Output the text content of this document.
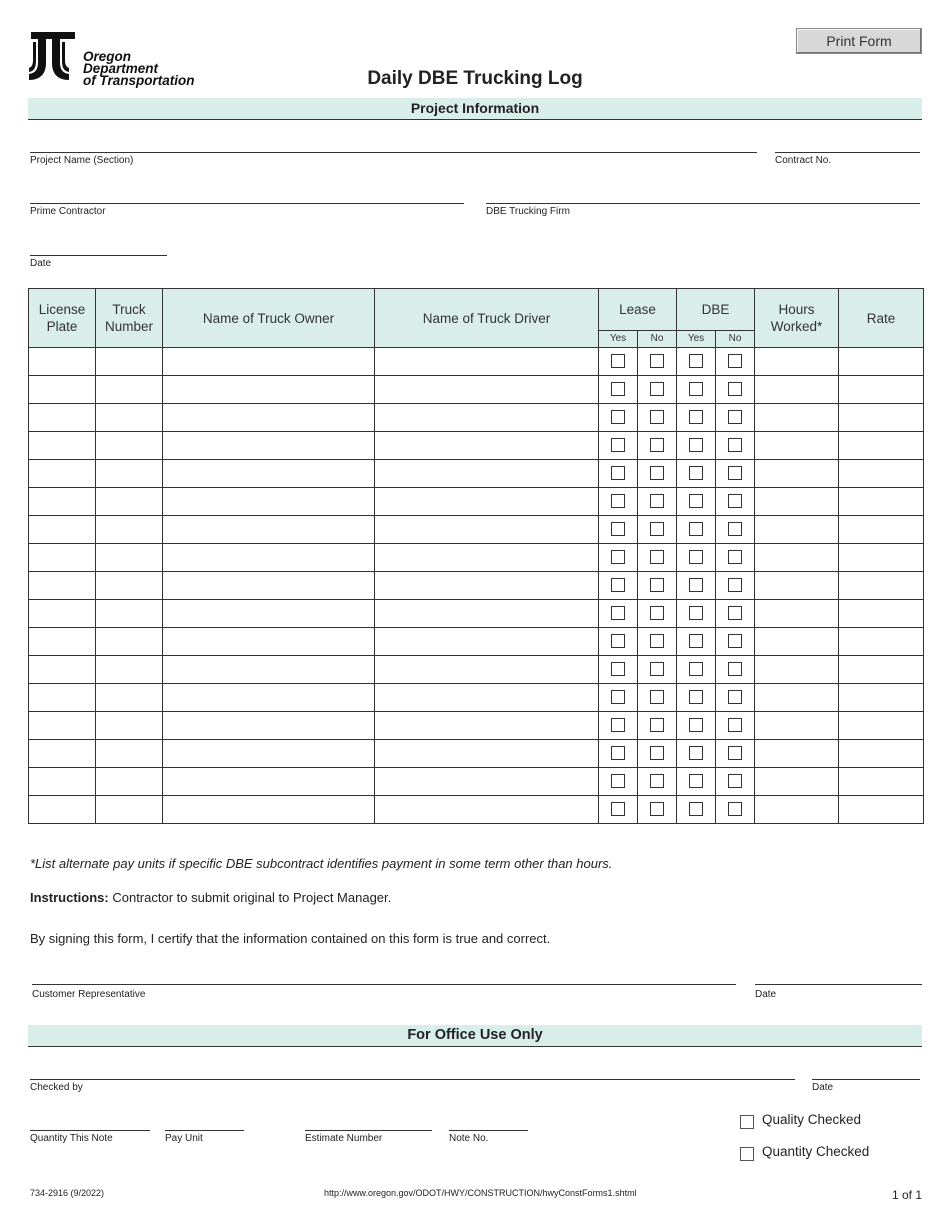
Oregon
Department
of Transportation
Print Form
Daily DBE Trucking Log
Project Information
Project Name (Section)	Contract No.
Prime Contractor	DBE Trucking Firm
Date
License Plate	Truck Number	Name of Truck Owner	Name of Truck Driver	Lease		DBE		Hours Worked*	Rate
				Yes	No	Yes	No		

*List alternate pay units if specific DBE subcontract identifies payment in some term other than hours.
Instructions: Contractor to submit original to Project Manager.
By signing this form, I certify that the information contained on this form is true and correct.
Customer Representative	Date
For Office Use Only
Checked by	Date
Quantity This Note	Pay Unit	Estimate Number	Note No.
Quality Checked
Quantity Checked
734-2916 (9/2022)	http://www.oregon.gov/ODOT/HWY/CONSTRUCTION/hwyConstForms1.shtml	1 of 1
